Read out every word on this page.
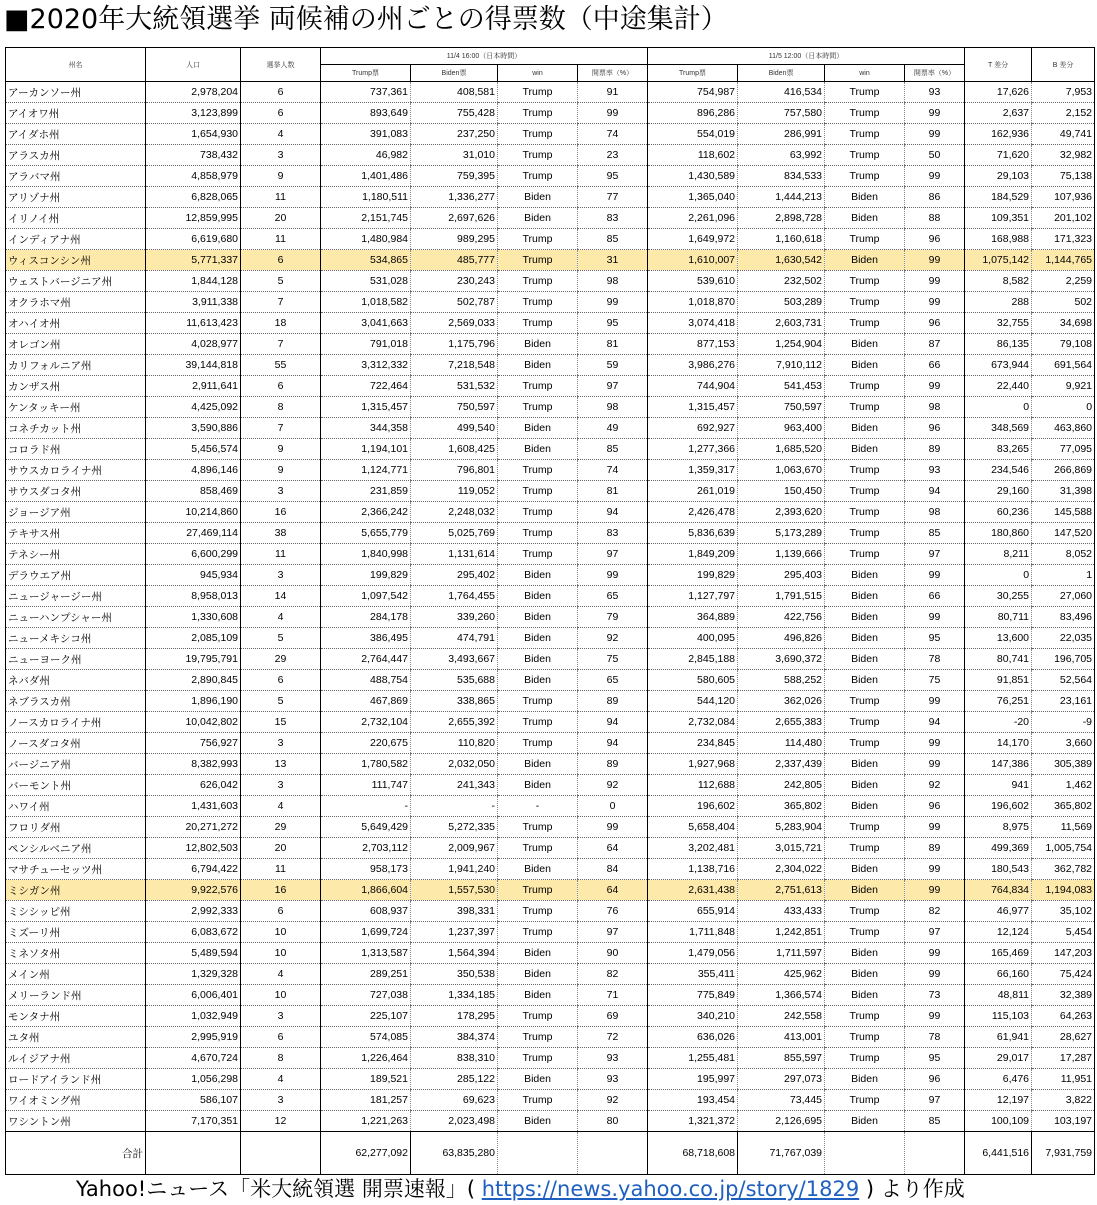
■2020年大統領選挙 両候補の州ごとの得票数（中途集計）
州名	人口	選挙人数	11/4 16:00（日本時間）				11/5 12:00（日本時間）				T 差分	B 差分
			Trump票	Biden票	win	開票率（%）	Trump票	Biden票	win	開票率（%）		
アーカンソー州	2,978,204	6	737,361	408,581	Trump	91	754,987	416,534	Trump	93	17,626	7,953
アイオワ州	3,123,899	6	893,649	755,428	Trump	99	896,286	757,580	Trump	99	2,637	2,152
アイダホ州	1,654,930	4	391,083	237,250	Trump	74	554,019	286,991	Trump	99	162,936	49,741
アラスカ州	738,432	3	46,982	31,010	Trump	23	118,602	63,992	Trump	50	71,620	32,982
アラバマ州	4,858,979	9	1,401,486	759,395	Trump	95	1,430,589	834,533	Trump	99	29,103	75,138
アリゾナ州	6,828,065	11	1,180,511	1,336,277	Biden	77	1,365,040	1,444,213	Biden	86	184,529	107,936
イリノイ州	12,859,995	20	2,151,745	2,697,626	Biden	83	2,261,096	2,898,728	Biden	88	109,351	201,102
インディアナ州	6,619,680	11	1,480,984	989,295	Trump	85	1,649,972	1,160,618	Trump	96	168,988	171,323
ウィスコンシン州	5,771,337	6	534,865	485,777	Trump	31	1,610,007	1,630,542	Biden	99	1,075,142	1,144,765
ウェストバージニア州	1,844,128	5	531,028	230,243	Trump	98	539,610	232,502	Trump	99	8,582	2,259
オクラホマ州	3,911,338	7	1,018,582	502,787	Trump	99	1,018,870	503,289	Trump	99	288	502
オハイオ州	11,613,423	18	3,041,663	2,569,033	Trump	95	3,074,418	2,603,731	Trump	96	32,755	34,698
オレゴン州	4,028,977	7	791,018	1,175,796	Biden	81	877,153	1,254,904	Biden	87	86,135	79,108
カリフォルニア州	39,144,818	55	3,312,332	7,218,548	Biden	59	3,986,276	7,910,112	Biden	66	673,944	691,564
カンザス州	2,911,641	6	722,464	531,532	Trump	97	744,904	541,453	Trump	99	22,440	9,921
ケンタッキー州	4,425,092	8	1,315,457	750,597	Trump	98	1,315,457	750,597	Trump	98	0	0
コネチカット州	3,590,886	7	344,358	499,540	Biden	49	692,927	963,400	Biden	96	348,569	463,860
コロラド州	5,456,574	9	1,194,101	1,608,425	Biden	85	1,277,366	1,685,520	Biden	89	83,265	77,095
サウスカロライナ州	4,896,146	9	1,124,771	796,801	Trump	74	1,359,317	1,063,670	Trump	93	234,546	266,869
サウスダコタ州	858,469	3	231,859	119,052	Trump	81	261,019	150,450	Trump	94	29,160	31,398
ジョージア州	10,214,860	16	2,366,242	2,248,032	Trump	94	2,426,478	2,393,620	Trump	98	60,236	145,588
テキサス州	27,469,114	38	5,655,779	5,025,769	Trump	83	5,836,639	5,173,289	Trump	85	180,860	147,520
テネシー州	6,600,299	11	1,840,998	1,131,614	Trump	97	1,849,209	1,139,666	Trump	97	8,211	8,052
デラウエア州	945,934	3	199,829	295,402	Biden	99	199,829	295,403	Biden	99	0	1
ニュージャージー州	8,958,013	14	1,097,542	1,764,455	Biden	65	1,127,797	1,791,515	Biden	66	30,255	27,060
ニューハンプシャー州	1,330,608	4	284,178	339,260	Biden	79	364,889	422,756	Biden	99	80,711	83,496
ニューメキシコ州	2,085,109	5	386,495	474,791	Biden	92	400,095	496,826	Biden	95	13,600	22,035
ニューヨーク州	19,795,791	29	2,764,447	3,493,667	Biden	75	2,845,188	3,690,372	Biden	78	80,741	196,705
ネバダ州	2,890,845	6	488,754	535,688	Biden	65	580,605	588,252	Biden	75	91,851	52,564
ネブラスカ州	1,896,190	5	467,869	338,865	Trump	89	544,120	362,026	Trump	99	76,251	23,161
ノースカロライナ州	10,042,802	15	2,732,104	2,655,392	Trump	94	2,732,084	2,655,383	Trump	94	-20	-9
ノースダコタ州	756,927	3	220,675	110,820	Trump	94	234,845	114,480	Trump	99	14,170	3,660
バージニア州	8,382,993	13	1,780,582	2,032,050	Biden	89	1,927,968	2,337,439	Biden	99	147,386	305,389
バーモント州	626,042	3	111,747	241,343	Biden	92	112,688	242,805	Biden	92	941	1,462
ハワイ州	1,431,603	4	-	-	-	0	196,602	365,802	Biden	96	196,602	365,802
フロリダ州	20,271,272	29	5,649,429	5,272,335	Trump	99	5,658,404	5,283,904	Trump	99	8,975	11,569
ペンシルベニア州	12,802,503	20	2,703,112	2,009,967	Trump	64	3,202,481	3,015,721	Trump	89	499,369	1,005,754
マサチューセッツ州	6,794,422	11	958,173	1,941,240	Biden	84	1,138,716	2,304,022	Biden	99	180,543	362,782
ミシガン州	9,922,576	16	1,866,604	1,557,530	Trump	64	2,631,438	2,751,613	Biden	99	764,834	1,194,083
ミシシッピ州	2,992,333	6	608,937	398,331	Trump	76	655,914	433,433	Trump	82	46,977	35,102
ミズーリ州	6,083,672	10	1,699,724	1,237,397	Trump	97	1,711,848	1,242,851	Trump	97	12,124	5,454
ミネソタ州	5,489,594	10	1,313,587	1,564,394	Biden	90	1,479,056	1,711,597	Biden	99	165,469	147,203
メイン州	1,329,328	4	289,251	350,538	Biden	82	355,411	425,962	Biden	99	66,160	75,424
メリーランド州	6,006,401	10	727,038	1,334,185	Biden	71	775,849	1,366,574	Biden	73	48,811	32,389
モンタナ州	1,032,949	3	225,107	178,295	Trump	69	340,210	242,558	Trump	99	115,103	64,263
ユタ州	2,995,919	6	574,085	384,374	Trump	72	636,026	413,001	Trump	78	61,941	28,627
ルイジアナ州	4,670,724	8	1,226,464	838,310	Trump	93	1,255,481	855,597	Trump	95	29,017	17,287
ロードアイランド州	1,056,298	4	189,521	285,122	Biden	93	195,997	297,073	Biden	96	6,476	11,951
ワイオミング州	586,107	3	181,257	69,623	Trump	92	193,454	73,445	Trump	97	12,197	3,822
ワシントン州	7,170,351	12	1,221,263	2,023,498	Biden	80	1,321,372	2,126,695	Biden	85	100,109	103,197
合計			62,277,092	63,835,280			68,718,608	71,767,039			6,441,516	7,931,759
Yahoo!ニュース「米大統領選 開票速報」( https://news.yahoo.co.jp/story/1829 ) より作成
